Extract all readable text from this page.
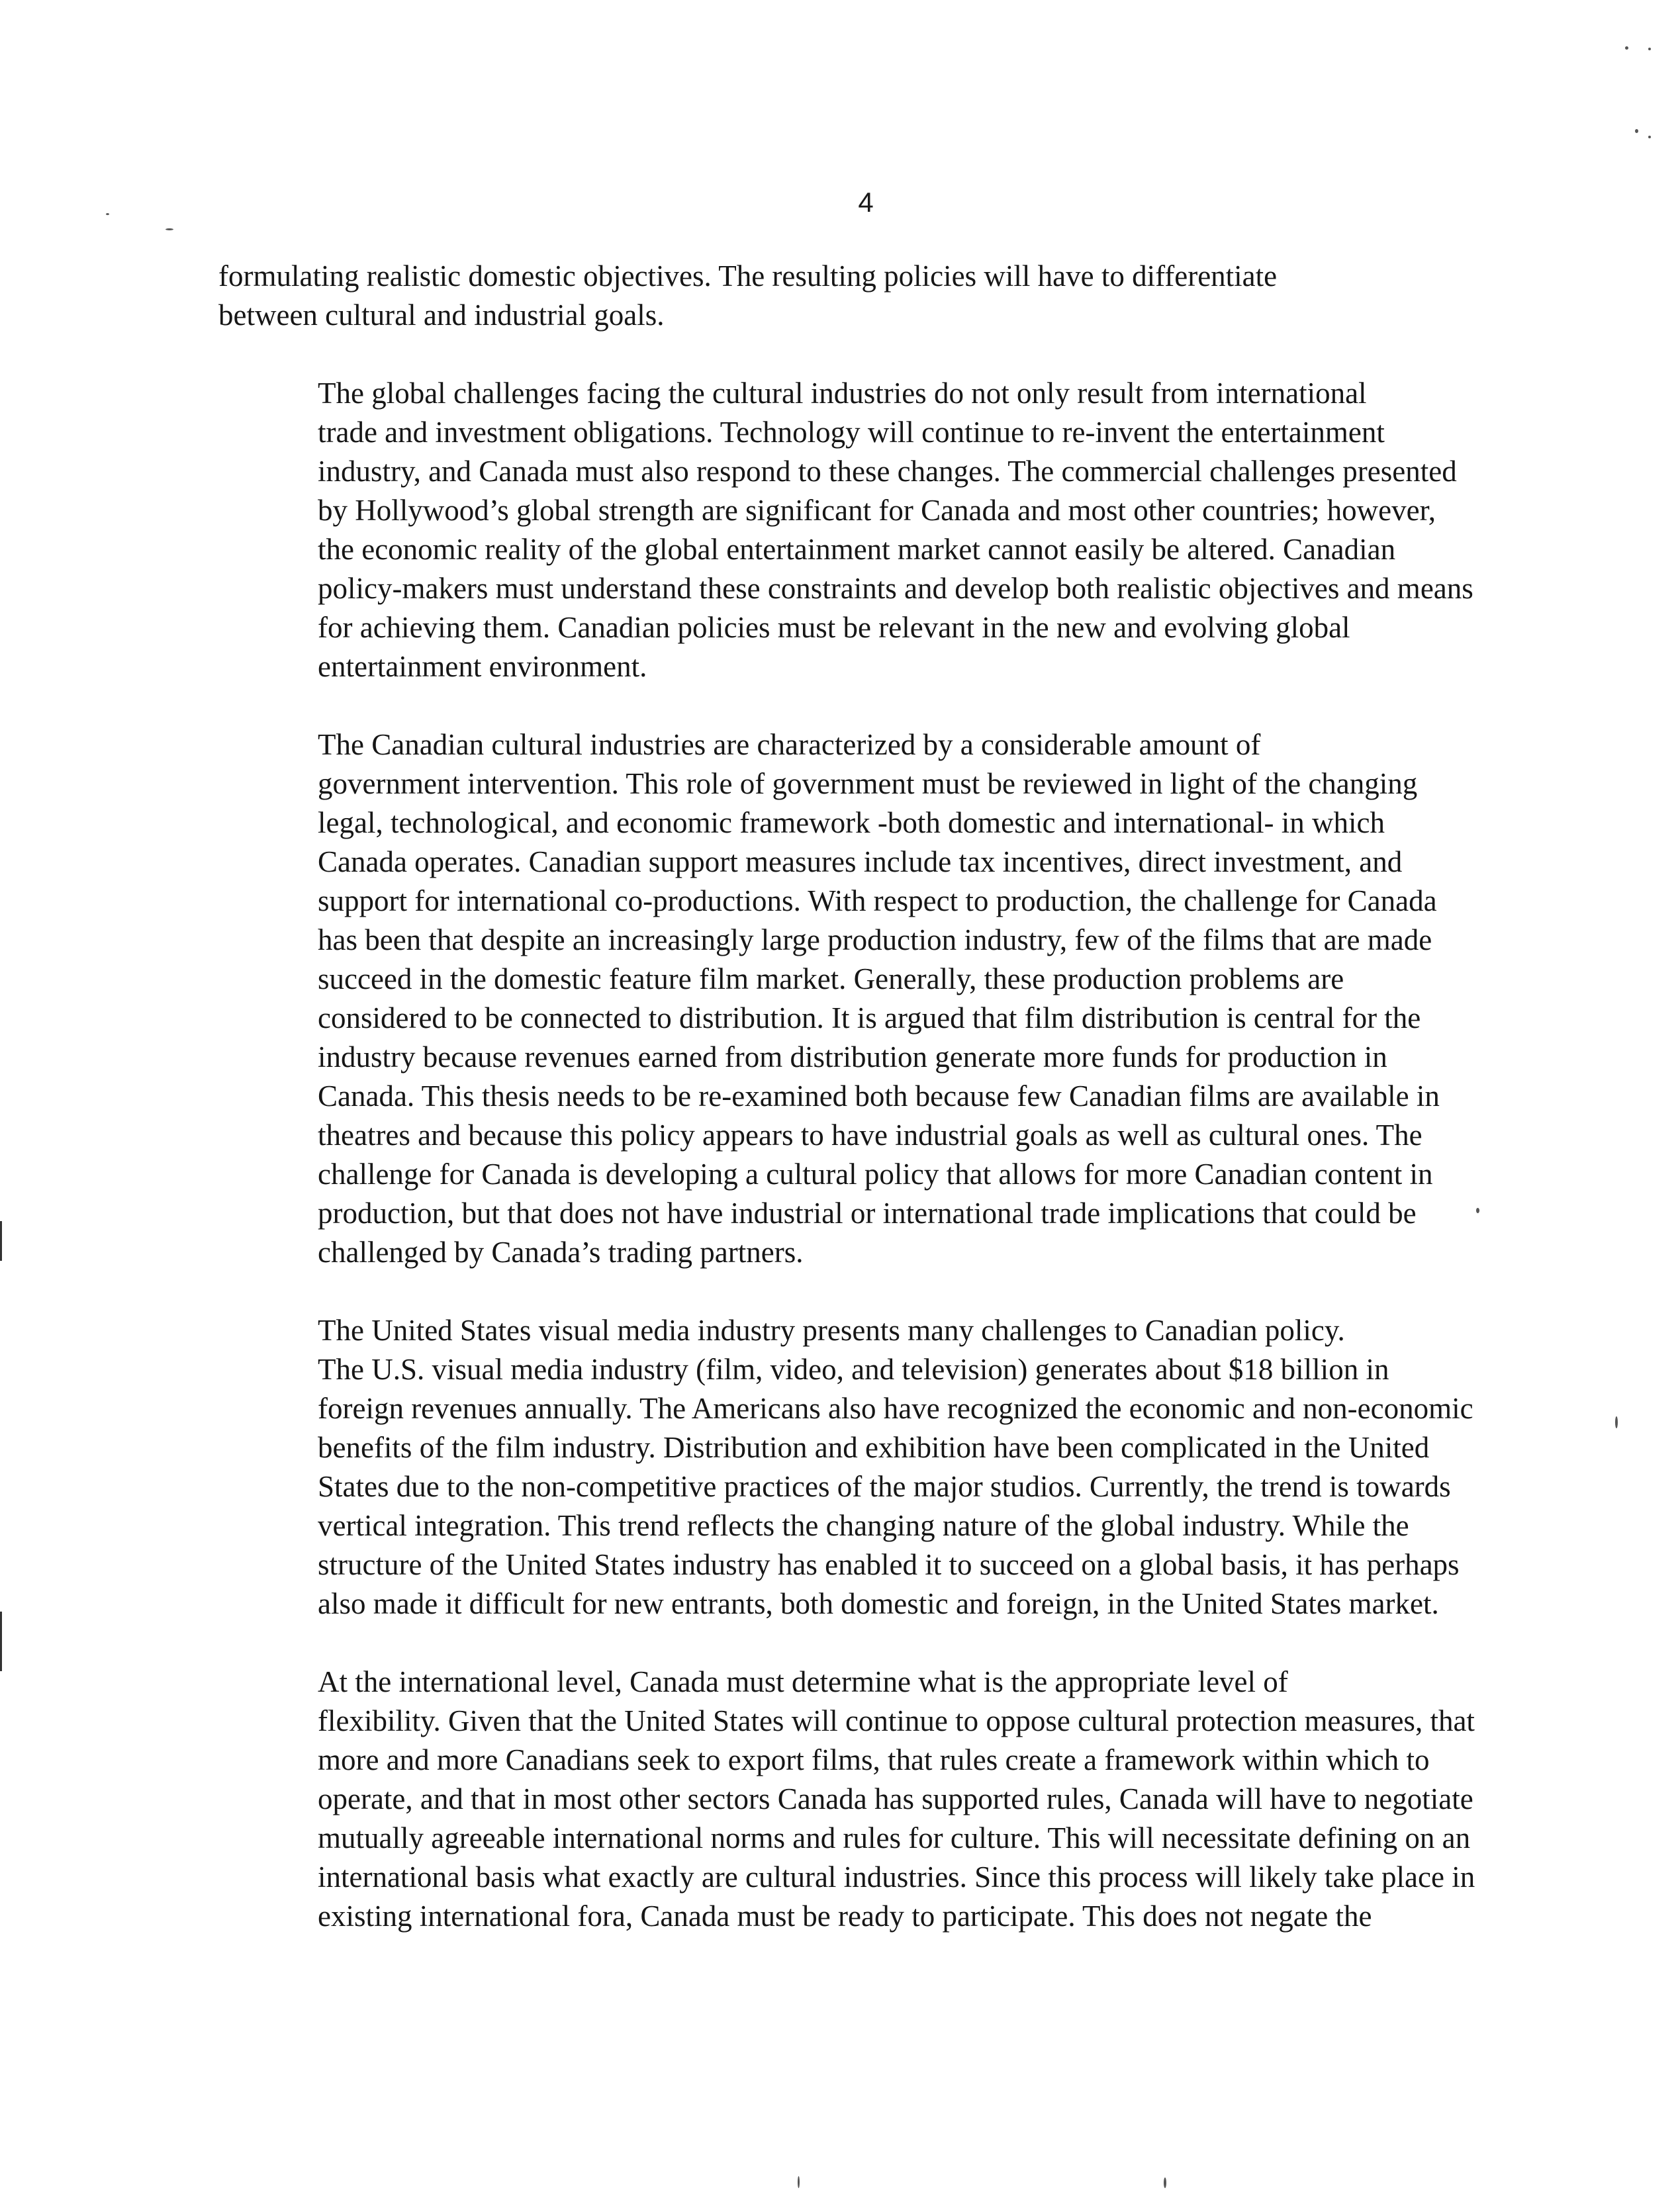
4

formulating realistic domestic objectives. The resulting policies will have to differentiate
between cultural and industrial goals.

The global challenges facing the cultural industries do not only result from international
trade and investment obligations. Technology will continue to re-invent the entertainment
industry, and Canada must also respond to these changes. The commercial challenges presented
by Hollywood’s global strength are significant for Canada and most other countries; however,
the economic reality of the global entertainment market cannot easily be altered. Canadian
policy-makers must understand these constraints and develop both realistic objectives and means
for achieving them. Canadian policies must be relevant in the new and evolving global
entertainment environment.

The Canadian cultural industries are characterized by a considerable amount of
government intervention. This role of government must be reviewed in light of the changing
legal, technological, and economic framework -both domestic and international- in which
Canada operates. Canadian support measures include tax incentives, direct investment, and
support for international co-productions. With respect to production, the challenge for Canada
has been that despite an increasingly large production industry, few of the films that are made
succeed in the domestic feature film market. Generally, these production problems are
considered to be connected to distribution. It is argued that film distribution is central for the
industry because revenues earned from distribution generate more funds for production in
Canada. This thesis needs to be re-examined both because few Canadian films are available in
theatres and because this policy appears to have industrial goals as well as cultural ones. The
challenge for Canada is developing a cultural policy that allows for more Canadian content in
production, but that does not have industrial or international trade implications that could be
challenged by Canada’s trading partners.

The United States visual media industry presents many challenges to Canadian policy.
The U.S. visual media industry (film, video, and television) generates about $18 billion in
foreign revenues annually. The Americans also have recognized the economic and non-economic
benefits of the film industry. Distribution and exhibition have been complicated in the United
States due to the non-competitive practices of the major studios. Currently, the trend is towards
vertical integration. This trend reflects the changing nature of the global industry. While the
structure of the United States industry has enabled it to succeed on a global basis, it has perhaps
also made it difficult for new entrants, both domestic and foreign, in the United States market.

At the international level, Canada must determine what is the appropriate level of
flexibility. Given that the United States will continue to oppose cultural protection measures, that
more and more Canadians seek to export films, that rules create a framework within which to
operate, and that in most other sectors Canada has supported rules, Canada will have to negotiate
mutually agreeable international norms and rules for culture. This will necessitate defining on an
international basis what exactly are cultural industries. Since this process will likely take place in
existing international fora, Canada must be ready to participate. This does not negate the
